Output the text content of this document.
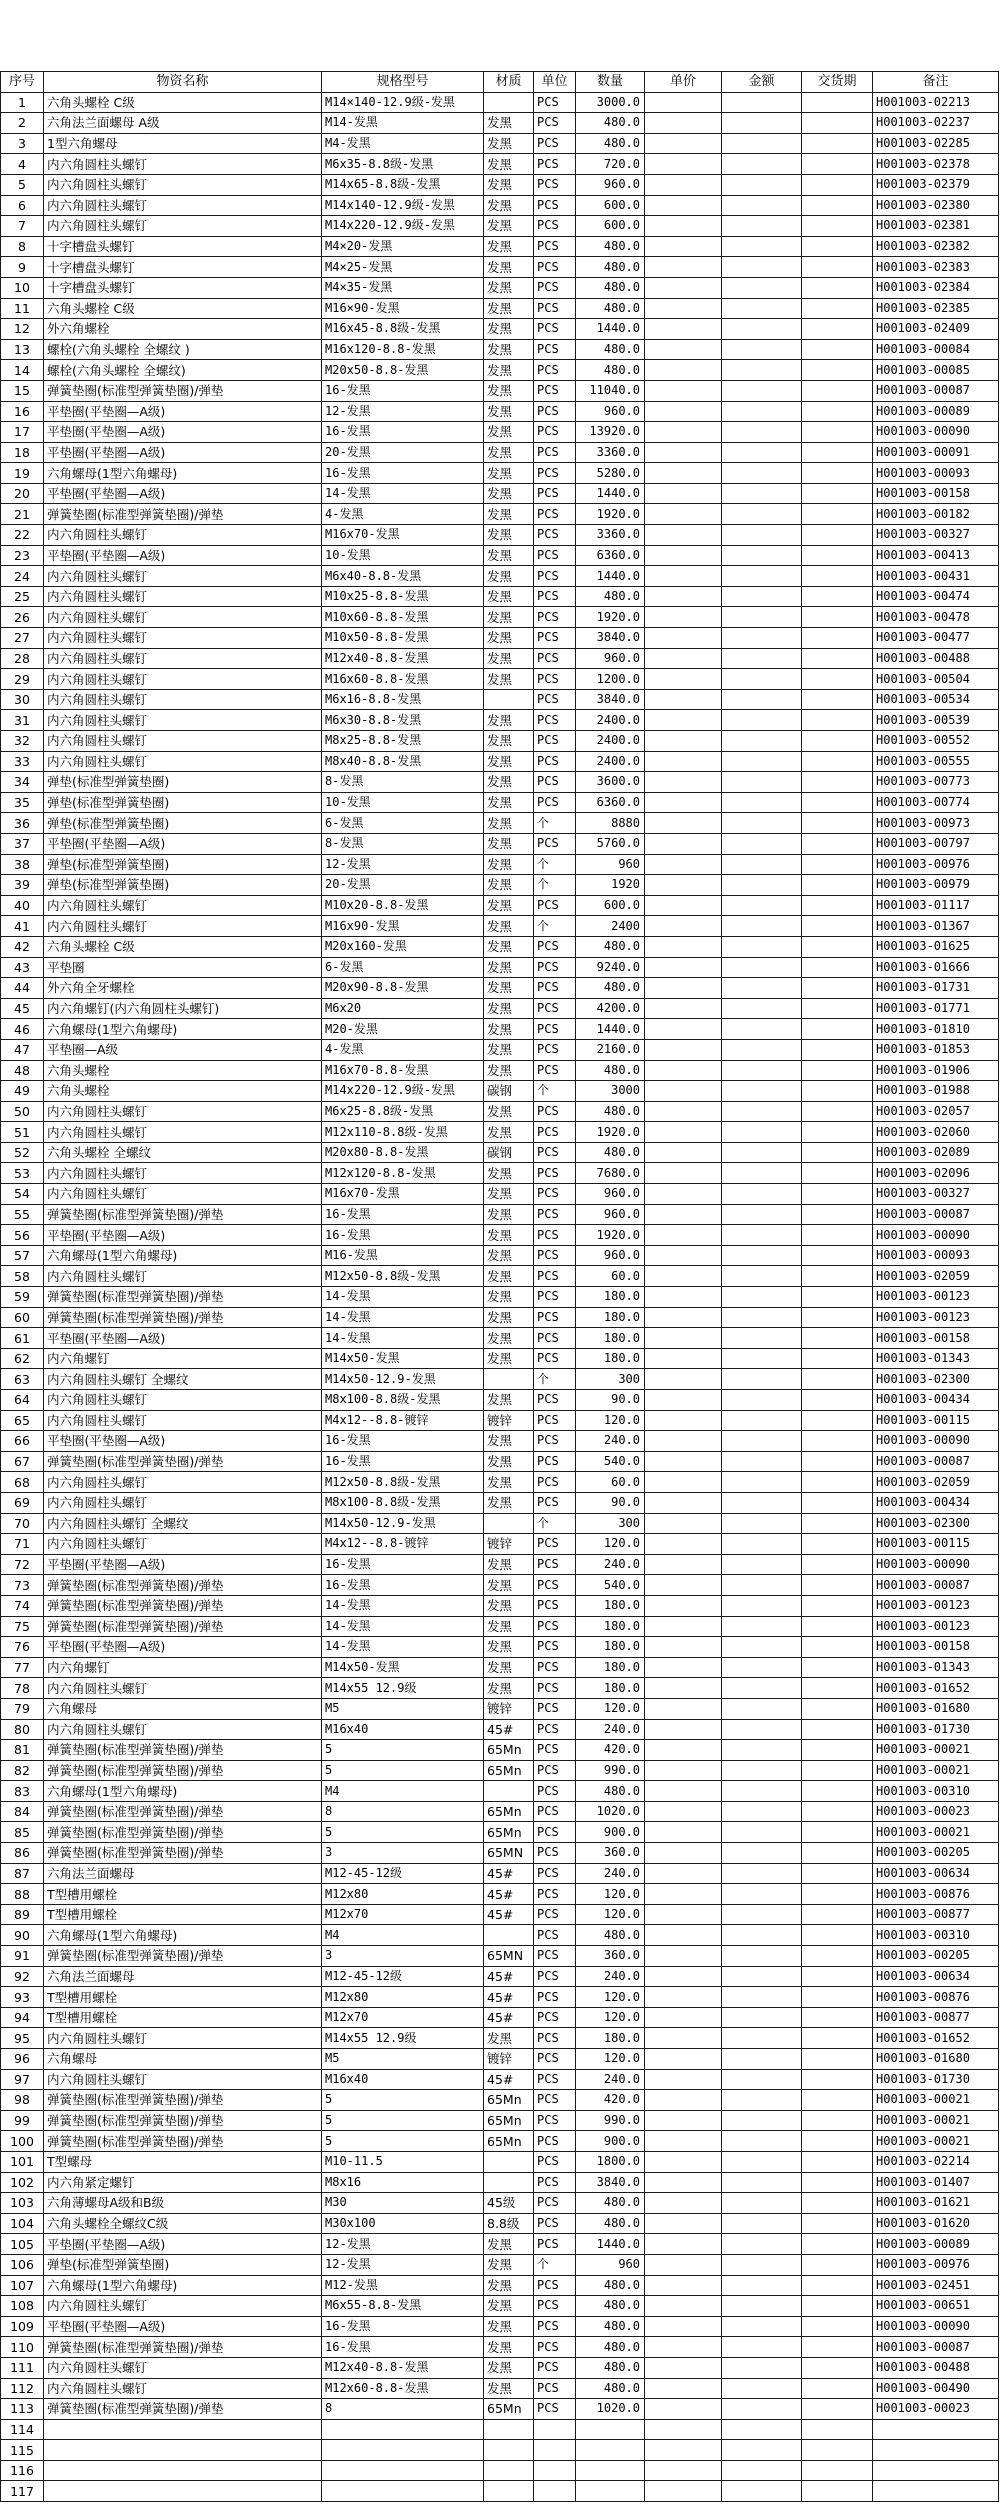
序号	物资名称	规格型号	材质	单位	数量	单价	金额	交货期	备注
1	六角头螺栓 C级	M14×140-12.9级-发黑		PCS	3000.0				H001003-02213
2	六角法兰面螺母 A级	M14-发黑	发黑	PCS	480.0				H001003-02237
3	1型六角螺母	M4-发黑	发黑	PCS	480.0				H001003-02285
4	内六角圆柱头螺钉	M6x35-8.8级-发黑	发黑	PCS	720.0				H001003-02378
5	内六角圆柱头螺钉	M14x65-8.8级-发黑	发黑	PCS	960.0				H001003-02379
6	内六角圆柱头螺钉	M14x140-12.9级-发黑	发黑	PCS	600.0				H001003-02380
7	内六角圆柱头螺钉	M14x220-12.9级-发黑	发黑	PCS	600.0				H001003-02381
8	十字槽盘头螺钉	M4×20-发黑	发黑	PCS	480.0				H001003-02382
9	十字槽盘头螺钉	M4×25-发黑	发黑	PCS	480.0				H001003-02383
10	十字槽盘头螺钉	M4×35-发黑	发黑	PCS	480.0				H001003-02384
11	六角头螺栓 C级	M16×90-发黑	发黑	PCS	480.0				H001003-02385
12	外六角螺栓	M16x45-8.8级-发黑	发黑	PCS	1440.0				H001003-02409
13	螺栓(六角头螺栓 全螺纹 )	M16x120-8.8-发黑	发黑	PCS	480.0				H001003-00084
14	螺栓(六角头螺栓 全螺纹)	M20x50-8.8-发黑	发黑	PCS	480.0				H001003-00085
15	弹簧垫圈(标准型弹簧垫圈)/弹垫	16-发黑	发黑	PCS	11040.0				H001003-00087
16	平垫圈(平垫圈—A级)	12-发黑	发黑	PCS	960.0				H001003-00089
17	平垫圈(平垫圈—A级)	16-发黑	发黑	PCS	13920.0				H001003-00090
18	平垫圈(平垫圈—A级)	20-发黑	发黑	PCS	3360.0				H001003-00091
19	六角螺母(1型六角螺母)	16-发黑	发黑	PCS	5280.0				H001003-00093
20	平垫圈(平垫圈—A级)	14-发黑	发黑	PCS	1440.0				H001003-00158
21	弹簧垫圈(标准型弹簧垫圈)/弹垫	4-发黑	发黑	PCS	1920.0				H001003-00182
22	内六角圆柱头螺钉	M16x70-发黑	发黑	PCS	3360.0				H001003-00327
23	平垫圈(平垫圈—A级)	10-发黑	发黑	PCS	6360.0				H001003-00413
24	内六角圆柱头螺钉	M6x40-8.8-发黑	发黑	PCS	1440.0				H001003-00431
25	内六角圆柱头螺钉	M10x25-8.8-发黑	发黑	PCS	480.0				H001003-00474
26	内六角圆柱头螺钉	M10x60-8.8-发黑	发黑	PCS	1920.0				H001003-00478
27	内六角圆柱头螺钉	M10x50-8.8-发黑	发黑	PCS	3840.0				H001003-00477
28	内六角圆柱头螺钉	M12x40-8.8-发黑	发黑	PCS	960.0				H001003-00488
29	内六角圆柱头螺钉	M16x60-8.8-发黑	发黑	PCS	1200.0				H001003-00504
30	内六角圆柱头螺钉	M6x16-8.8-发黑		PCS	3840.0				H001003-00534
31	内六角圆柱头螺钉	M6x30-8.8-发黑	发黑	PCS	2400.0				H001003-00539
32	内六角圆柱头螺钉	M8x25-8.8-发黑	发黑	PCS	2400.0				H001003-00552
33	内六角圆柱头螺钉	M8x40-8.8-发黑	发黑	PCS	2400.0				H001003-00555
34	弹垫(标准型弹簧垫圈)	8-发黑	发黑	PCS	3600.0				H001003-00773
35	弹垫(标准型弹簧垫圈)	10-发黑	发黑	PCS	6360.0				H001003-00774
36	弹垫(标准型弹簧垫圈)	6-发黑	发黑	个	8880				H001003-00973
37	平垫圈(平垫圈—A级)	8-发黑	发黑	PCS	5760.0				H001003-00797
38	弹垫(标准型弹簧垫圈)	12-发黑	发黑	个	960				H001003-00976
39	弹垫(标准型弹簧垫圈)	20-发黑	发黑	个	1920				H001003-00979
40	内六角圆柱头螺钉	M10x20-8.8-发黑	发黑	PCS	600.0				H001003-01117
41	内六角圆柱头螺钉	M16x90-发黑	发黑	个	2400				H001003-01367
42	六角头螺栓 C级	M20x160-发黑	发黑	PCS	480.0				H001003-01625
43	平垫圈	6-发黑	发黑	PCS	9240.0				H001003-01666
44	外六角全牙螺栓	M20x90-8.8-发黑	发黑	PCS	480.0				H001003-01731
45	内六角螺钉(内六角圆柱头螺钉)	M6x20	发黑	PCS	4200.0				H001003-01771
46	六角螺母(1型六角螺母)	M20-发黑	发黑	PCS	1440.0				H001003-01810
47	平垫圈—A级	4-发黑	发黑	PCS	2160.0				H001003-01853
48	六角头螺栓	M16x70-8.8-发黑	发黑	PCS	480.0				H001003-01906
49	六角头螺栓	M14x220-12.9级-发黑	碳钢	个	3000				H001003-01988
50	内六角圆柱头螺钉	M6x25-8.8级-发黑	发黑	PCS	480.0				H001003-02057
51	内六角圆柱头螺钉	M12x110-8.8级-发黑	发黑	PCS	1920.0				H001003-02060
52	六角头螺栓 全螺纹	M20x80-8.8-发黑	碳钢	PCS	480.0				H001003-02089
53	内六角圆柱头螺钉	M12x120-8.8-发黑	发黑	PCS	7680.0				H001003-02096
54	内六角圆柱头螺钉	M16x70-发黑	发黑	PCS	960.0				H001003-00327
55	弹簧垫圈(标准型弹簧垫圈)/弹垫	16-发黑	发黑	PCS	960.0				H001003-00087
56	平垫圈(平垫圈—A级)	16-发黑	发黑	PCS	1920.0				H001003-00090
57	六角螺母(1型六角螺母)	M16-发黑	发黑	PCS	960.0				H001003-00093
58	内六角圆柱头螺钉	M12x50-8.8级-发黑	发黑	PCS	60.0				H001003-02059
59	弹簧垫圈(标准型弹簧垫圈)/弹垫	14-发黑	发黑	PCS	180.0				H001003-00123
60	弹簧垫圈(标准型弹簧垫圈)/弹垫	14-发黑	发黑	PCS	180.0				H001003-00123
61	平垫圈(平垫圈—A级)	14-发黑	发黑	PCS	180.0				H001003-00158
62	内六角螺钉	M14x50-发黑	发黑	PCS	180.0				H001003-01343
63	内六角圆柱头螺钉 全螺纹	M14x50-12.9-发黑		个	300				H001003-02300
64	内六角圆柱头螺钉	M8x100-8.8级-发黑	发黑	PCS	90.0				H001003-00434
65	内六角圆柱头螺钉	M4x12--8.8-镀锌	镀锌	PCS	120.0				H001003-00115
66	平垫圈(平垫圈—A级)	16-发黑	发黑	PCS	240.0				H001003-00090
67	弹簧垫圈(标准型弹簧垫圈)/弹垫	16-发黑	发黑	PCS	540.0				H001003-00087
68	内六角圆柱头螺钉	M12x50-8.8级-发黑	发黑	PCS	60.0				H001003-02059
69	内六角圆柱头螺钉	M8x100-8.8级-发黑	发黑	PCS	90.0				H001003-00434
70	内六角圆柱头螺钉 全螺纹	M14x50-12.9-发黑		个	300				H001003-02300
71	内六角圆柱头螺钉	M4x12--8.8-镀锌	镀锌	PCS	120.0				H001003-00115
72	平垫圈(平垫圈—A级)	16-发黑	发黑	PCS	240.0				H001003-00090
73	弹簧垫圈(标准型弹簧垫圈)/弹垫	16-发黑	发黑	PCS	540.0				H001003-00087
74	弹簧垫圈(标准型弹簧垫圈)/弹垫	14-发黑	发黑	PCS	180.0				H001003-00123
75	弹簧垫圈(标准型弹簧垫圈)/弹垫	14-发黑	发黑	PCS	180.0				H001003-00123
76	平垫圈(平垫圈—A级)	14-发黑	发黑	PCS	180.0				H001003-00158
77	内六角螺钉	M14x50-发黑	发黑	PCS	180.0				H001003-01343
78	内六角圆柱头螺钉	M14x55 12.9级	发黑	PCS	180.0				H001003-01652
79	六角螺母	M5	镀锌	PCS	120.0				H001003-01680
80	内六角圆柱头螺钉	M16x40	45#	PCS	240.0				H001003-01730
81	弹簧垫圈(标准型弹簧垫圈)/弹垫	5	65Mn	PCS	420.0				H001003-00021
82	弹簧垫圈(标准型弹簧垫圈)/弹垫	5	65Mn	PCS	990.0				H001003-00021
83	六角螺母(1型六角螺母)	M4		PCS	480.0				H001003-00310
84	弹簧垫圈(标准型弹簧垫圈)/弹垫	8	65Mn	PCS	1020.0				H001003-00023
85	弹簧垫圈(标准型弹簧垫圈)/弹垫	5	65Mn	PCS	900.0				H001003-00021
86	弹簧垫圈(标准型弹簧垫圈)/弹垫	3	65MN	PCS	360.0				H001003-00205
87	六角法兰面螺母	M12-45-12级	45#	PCS	240.0				H001003-00634
88	T型槽用螺栓	M12x80	45#	PCS	120.0				H001003-00876
89	T型槽用螺栓	M12x70	45#	PCS	120.0				H001003-00877
90	六角螺母(1型六角螺母)	M4		PCS	480.0				H001003-00310
91	弹簧垫圈(标准型弹簧垫圈)/弹垫	3	65MN	PCS	360.0				H001003-00205
92	六角法兰面螺母	M12-45-12级	45#	PCS	240.0				H001003-00634
93	T型槽用螺栓	M12x80	45#	PCS	120.0				H001003-00876
94	T型槽用螺栓	M12x70	45#	PCS	120.0				H001003-00877
95	内六角圆柱头螺钉	M14x55 12.9级	发黑	PCS	180.0				H001003-01652
96	六角螺母	M5	镀锌	PCS	120.0				H001003-01680
97	内六角圆柱头螺钉	M16x40	45#	PCS	240.0				H001003-01730
98	弹簧垫圈(标准型弹簧垫圈)/弹垫	5	65Mn	PCS	420.0				H001003-00021
99	弹簧垫圈(标准型弹簧垫圈)/弹垫	5	65Mn	PCS	990.0				H001003-00021
100	弹簧垫圈(标准型弹簧垫圈)/弹垫	5	65Mn	PCS	900.0				H001003-00021
101	T型螺母	M10-11.5		PCS	1800.0				H001003-02214
102	内六角紧定螺钉	M8x16		PCS	3840.0				H001003-01407
103	六角薄螺母A级和B级	M30	45级	PCS	480.0				H001003-01621
104	六角头螺栓全螺纹C级	M30x100	8.8级	PCS	480.0				H001003-01620
105	平垫圈(平垫圈—A级)	12-发黑	发黑	PCS	1440.0				H001003-00089
106	弹垫(标准型弹簧垫圈)	12-发黑	发黑	个	960				H001003-00976
107	六角螺母(1型六角螺母)	M12-发黑	发黑	PCS	480.0				H001003-02451
108	内六角圆柱头螺钉	M6x55-8.8-发黑	发黑	PCS	480.0				H001003-00651
109	平垫圈(平垫圈—A级)	16-发黑	发黑	PCS	480.0				H001003-00090
110	弹簧垫圈(标准型弹簧垫圈)/弹垫	16-发黑	发黑	PCS	480.0				H001003-00087
111	内六角圆柱头螺钉	M12x40-8.8-发黑	发黑	PCS	480.0				H001003-00488
112	内六角圆柱头螺钉	M12x60-8.8-发黑	发黑	PCS	480.0				H001003-00490
113	弹簧垫圈(标准型弹簧垫圈)/弹垫	8	65Mn	PCS	1020.0				H001003-00023
114									
115									
116									
117									
